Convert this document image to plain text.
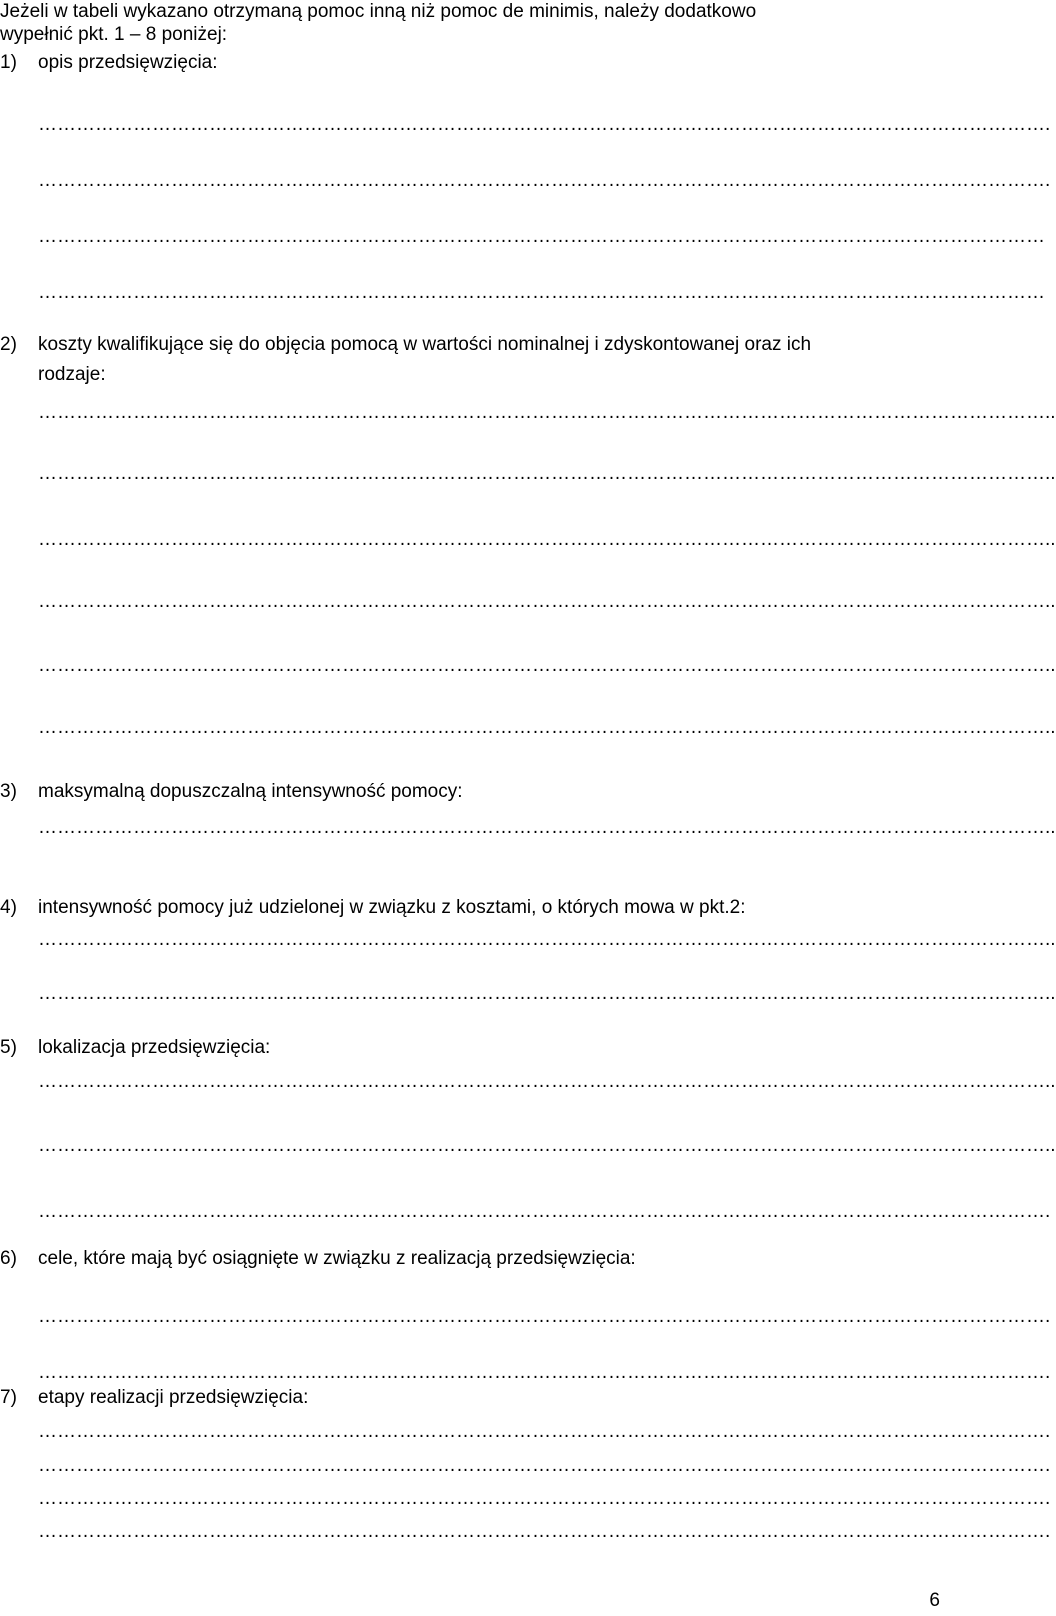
Jeżeli w tabeli wykazano otrzymaną pomoc inną niż pomoc de minimis, należy dodatkowo
wypełnić pkt. 1 – 8 poniżej:
1) opis przedsięwzięcia:
…………………………………………………………………………………………………………………………………………….
…………………………………………………………………………………………………………………………………………….
……………………………………………………………………………………………………………………………………………
……………………………………………………………………………………………………………………………………………
2) koszty kwalifikujące się do objęcia pomocą w wartości nominalnej i zdyskontowanej oraz ich
rodzaje:
……………………………………………………………………………………………………………………………………………..
……………………………………………………………………………………………………………………………………………..
……………………………………………………………………………………………………………………………………………..
……………………………………………………………………………………………………………………………………………..
……………………………………………………………………………………………………………………………………………..
……………………………………………………………………………………………………………………………………………..
3) maksymalną dopuszczalną intensywność pomocy:
……………………………………………………………………………………………………………………………………………..
4) intensywność pomocy już udzielonej w związku z kosztami, o których mowa w pkt.2:
……………………………………………………………………………………………………………………………………………..
……………………………………………………………………………………………………………………………………………..
5) lokalizacja przedsięwzięcia:
……………………………………………………………………………………………………………………………………………..
……………………………………………………………………………………………………………………………………………..
…………………………………………………………………………………………………………………………………………….
6) cele, które mają być osiągnięte w związku z realizacją przedsięwzięcia:
…………………………………………………………………………………………………………………………………………….
…………………………………………………………………………………………………………………………………………….
7) etapy realizacji przedsięwzięcia:
…………………………………………………………………………………………………………………………………………….
…………………………………………………………………………………………………………………………………………….
…………………………………………………………………………………………………………………………………………….
…………………………………………………………………………………………………………………………………………….
6
